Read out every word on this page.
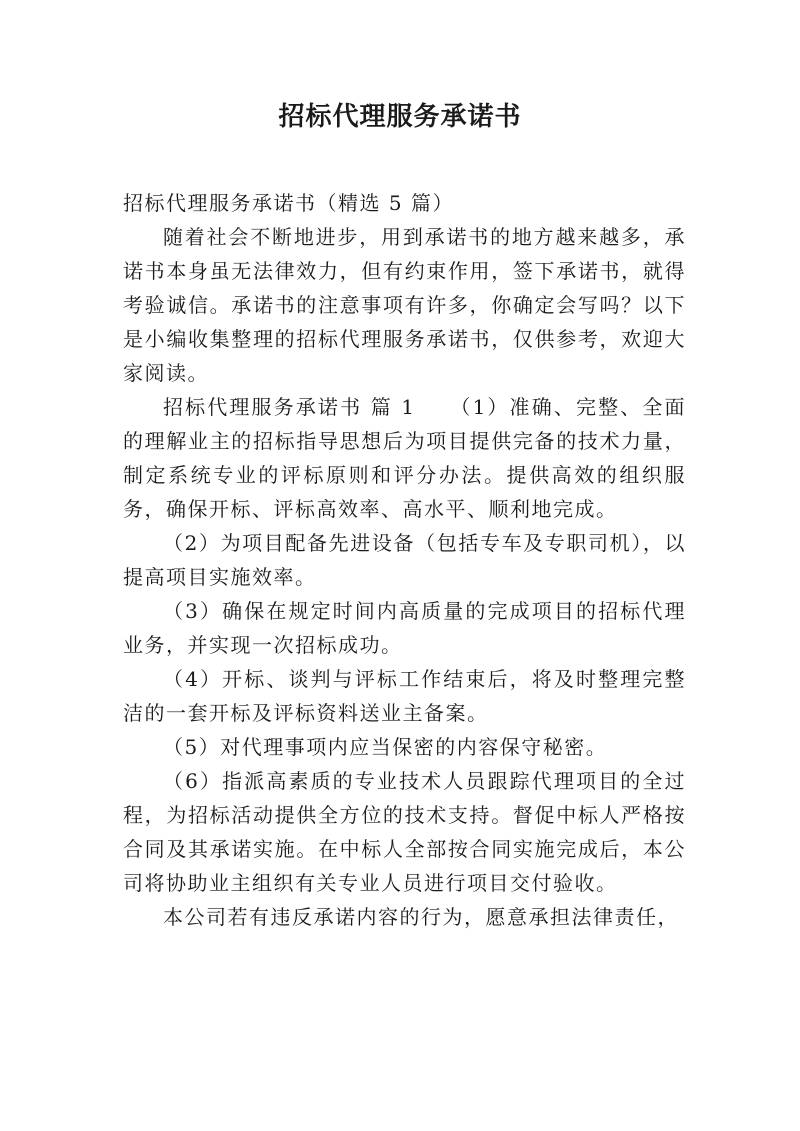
招标代理服务承诺书

招标代理服务承诺书（精选 5 篇）

随着社会不断地进步，用到承诺书的地方越来越多，承诺书本身虽无法律效力，但有约束作用，签下承诺书，就得考验诚信。承诺书的注意事项有许多，你确定会写吗？以下是小编收集整理的招标代理服务承诺书，仅供参考，欢迎大家阅读。

招标代理服务承诺书 篇 1　　（1）准确、完整、全面的理解业主的招标指导思想后为项目提供完备的技术力量，制定系统专业的评标原则和评分办法。提供高效的组织服务，确保开标、评标高效率、高水平、顺利地完成。

（2）为项目配备先进设备（包括专车及专职司机），以提高项目实施效率。

（3）确保在规定时间内高质量的完成项目的招标代理业务，并实现一次招标成功。

（4）开标、谈判与评标工作结束后，将及时整理完整洁的一套开标及评标资料送业主备案。

（5）对代理事项内应当保密的内容保守秘密。

（6）指派高素质的专业技术人员跟踪代理项目的全过程，为招标活动提供全方位的技术支持。督促中标人严格按合同及其承诺实施。在中标人全部按合同实施完成后，本公司将协助业主组织有关专业人员进行项目交付验收。

本公司若有违反承诺内容的行为，愿意承担法律责任，
